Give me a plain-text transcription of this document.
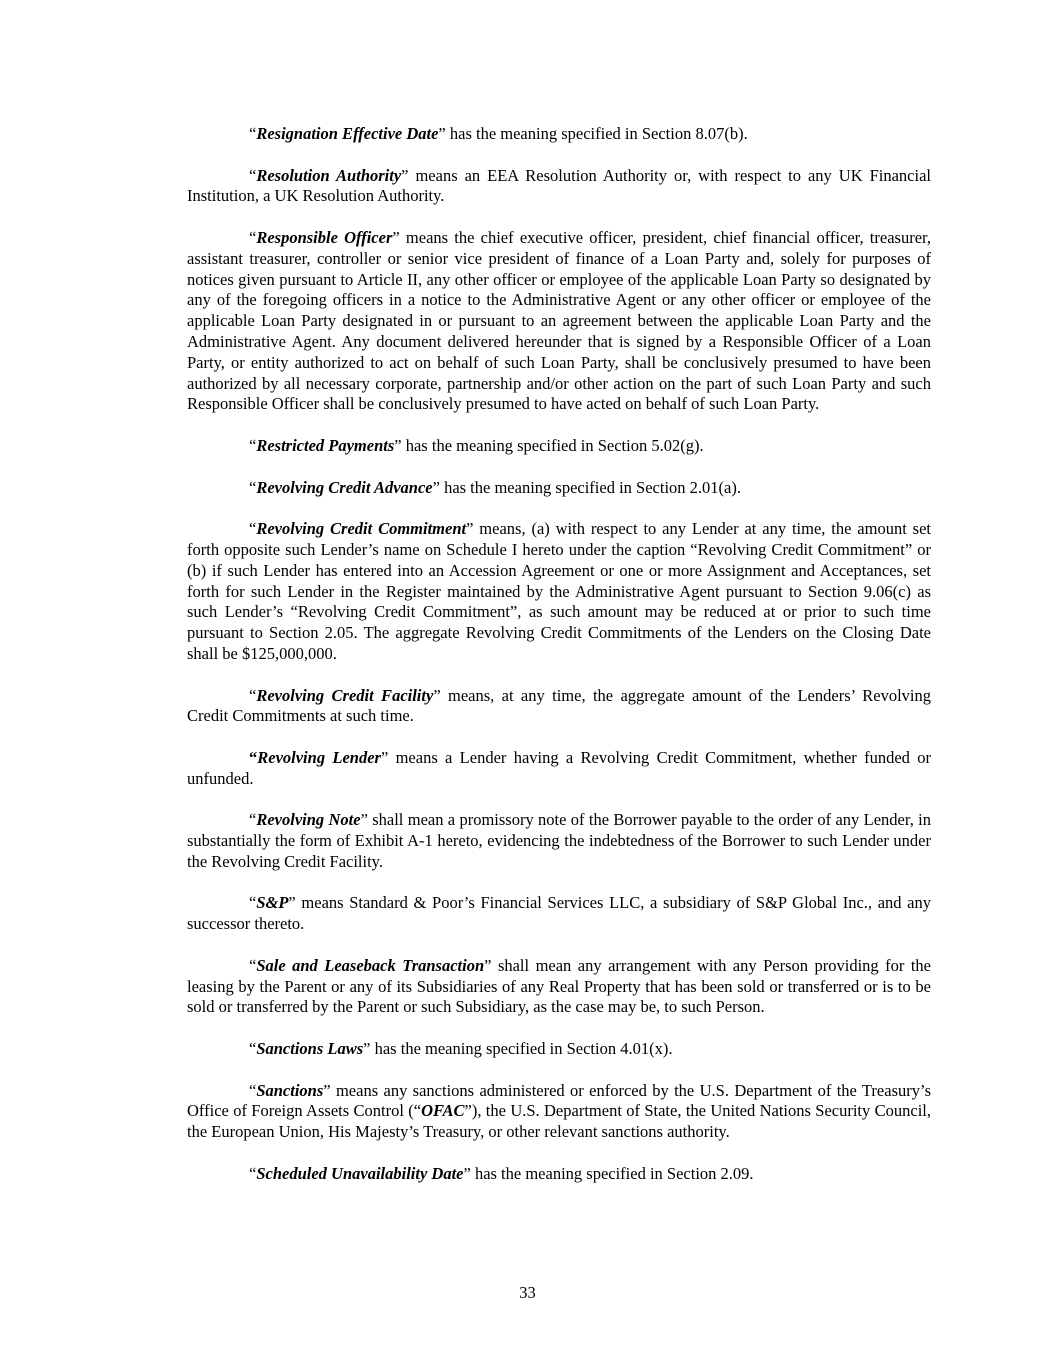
“Resignation Effective Date” has the meaning specified in Section 8.07(b).

“Resolution Authority” means an EEA Resolution Authority or, with respect to any UK Financial Institution, a UK Resolution Authority.

“Responsible Officer” means the chief executive officer, president, chief financial officer, treasurer, assistant treasurer, controller or senior vice president of finance of a Loan Party and, solely for purposes of notices given pursuant to Article II, any other officer or employee of the applicable Loan Party so designated by any of the foregoing officers in a notice to the Administrative Agent or any other officer or employee of the applicable Loan Party designated in or pursuant to an agreement between the applicable Loan Party and the Administrative Agent. Any document delivered hereunder that is signed by a Responsible Officer of a Loan Party, or entity authorized to act on behalf of such Loan Party, shall be conclusively presumed to have been authorized by all necessary corporate, partnership and/or other action on the part of such Loan Party and such Responsible Officer shall be conclusively presumed to have acted on behalf of such Loan Party.

“Restricted Payments” has the meaning specified in Section 5.02(g).

“Revolving Credit Advance” has the meaning specified in Section 2.01(a).

“Revolving Credit Commitment” means, (a) with respect to any Lender at any time, the amount set forth opposite such Lender’s name on Schedule I hereto under the caption “Revolving Credit Commitment” or (b) if such Lender has entered into an Accession Agreement or one or more Assignment and Acceptances, set forth for such Lender in the Register maintained by the Administrative Agent pursuant to Section 9.06(c) as such Lender’s “Revolving Credit Commitment”, as such amount may be reduced at or prior to such time pursuant to Section 2.05. The aggregate Revolving Credit Commitments of the Lenders on the Closing Date shall be $125,000,000.

“Revolving Credit Facility” means, at any time, the aggregate amount of the Lenders’ Revolving Credit Commitments at such time.

“Revolving Lender” means a Lender having a Revolving Credit Commitment, whether funded or unfunded.

“Revolving Note” shall mean a promissory note of the Borrower payable to the order of any Lender, in substantially the form of Exhibit A-1 hereto, evidencing the indebtedness of the Borrower to such Lender under the Revolving Credit Facility.

“S&P” means Standard & Poor’s Financial Services LLC, a subsidiary of S&P Global Inc., and any successor thereto.

“Sale and Leaseback Transaction” shall mean any arrangement with any Person providing for the leasing by the Parent or any of its Subsidiaries of any Real Property that has been sold or transferred or is to be sold or transferred by the Parent or such Subsidiary, as the case may be, to such Person.

“Sanctions Laws” has the meaning specified in Section 4.01(x).

“Sanctions” means any sanctions administered or enforced by the U.S. Department of the Treasury’s Office of Foreign Assets Control (“OFAC”), the U.S. Department of State, the United Nations Security Council, the European Union, His Majesty’s Treasury, or other relevant sanctions authority.

“Scheduled Unavailability Date” has the meaning specified in Section 2.09.

33
